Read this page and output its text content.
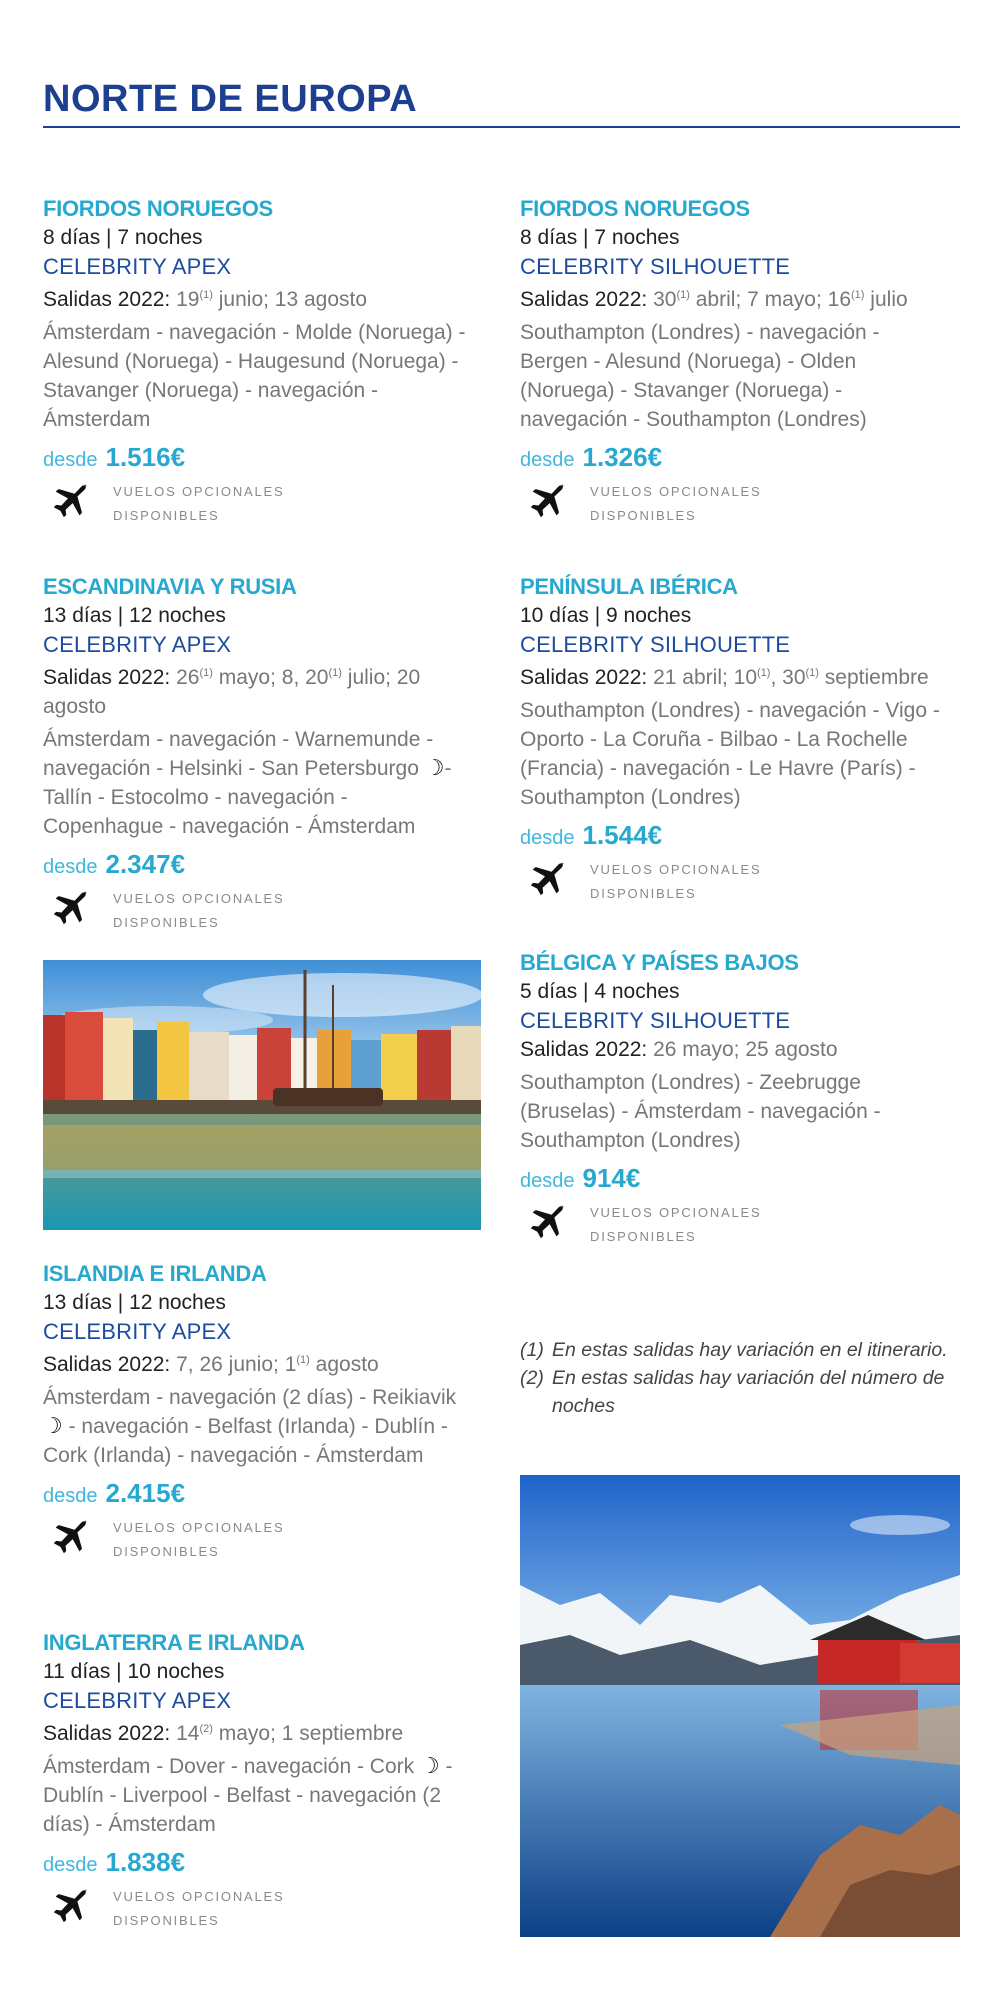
NORTE DE EUROPA
FIORDOS NORUEGOS
8 días | 7 noches
CELEBRITY APEX
Salidas 2022: 19$^{(1)}$ junio; 13 agosto
Ámsterdam - navegación - Molde (Noruega) - Alesund (Noruega) - Haugesund (Noruega) - Stavanger (Noruega) - navegación - Ámsterdam
desde 1.516€
VUELOS OPCIONALES DISPONIBLES
ESCANDINAVIA Y RUSIA
13 días | 12 noches
CELEBRITY APEX
Salidas 2022: 26$^{(1)}$ mayo; 8, 20$^{(1)}$ julio; 20 agosto
Ámsterdam - navegación - Warnemunde - navegación - Helsinki - San Petersburgo ☽- Tallín - Estocolmo - navegación - Copenhague - navegación - Ámsterdam
desde 2.347€
VUELOS OPCIONALES DISPONIBLES
ISLANDIA E IRLANDA
13 días | 12 noches
CELEBRITY APEX
Salidas 2022: 7, 26 junio; 1$^{(1)}$ agosto
Ámsterdam - navegación (2 días) - Reikiavik ☽ - navegación - Belfast (Irlanda) - Dublín - Cork (Irlanda) - navegación - Ámsterdam
desde 2.415€
VUELOS OPCIONALES DISPONIBLES
INGLATERRA E IRLANDA
11 días | 10 noches
CELEBRITY APEX
Salidas 2022: 14$^{(2)}$ mayo; 1 septiembre
Ámsterdam - Dover - navegación - Cork ☽ - Dublín - Liverpool - Belfast - navegación (2 días) - Ámsterdam
desde 1.838€
VUELOS OPCIONALES DISPONIBLES
FIORDOS NORUEGOS
8 días | 7 noches
CELEBRITY SILHOUETTE
Salidas 2022: 30$^{(1)}$ abril; 7 mayo; 16$^{(1)}$ julio
Southampton (Londres) - navegación - Bergen - Alesund (Noruega) - Olden (Noruega) - Stavanger (Noruega) - navegación - Southampton (Londres)
desde 1.326€
VUELOS OPCIONALES DISPONIBLES
PENÍNSULA IBÉRICA
10 días | 9 noches
CELEBRITY SILHOUETTE
Salidas 2022: 21 abril; 10$^{(1)}$, 30$^{(1)}$ septiembre
Southampton (Londres) - navegación - Vigo - Oporto - La Coruña - Bilbao - La Rochelle (Francia) - navegación - Le Havre (París) - Southampton (Londres)
desde 1.544€
VUELOS OPCIONALES DISPONIBLES
BÉLGICA Y PAÍSES BAJOS
5 días | 4 noches
CELEBRITY SILHOUETTE
Salidas 2022: 26 mayo; 25 agosto
Southampton (Londres) - Zeebrugge (Bruselas) - Ámsterdam - navegación - Southampton (Londres)
desde 914€
VUELOS OPCIONALES DISPONIBLES
(1) En estas salidas hay variación en el itinerario.
(2) En estas salidas hay variación del número de noches
